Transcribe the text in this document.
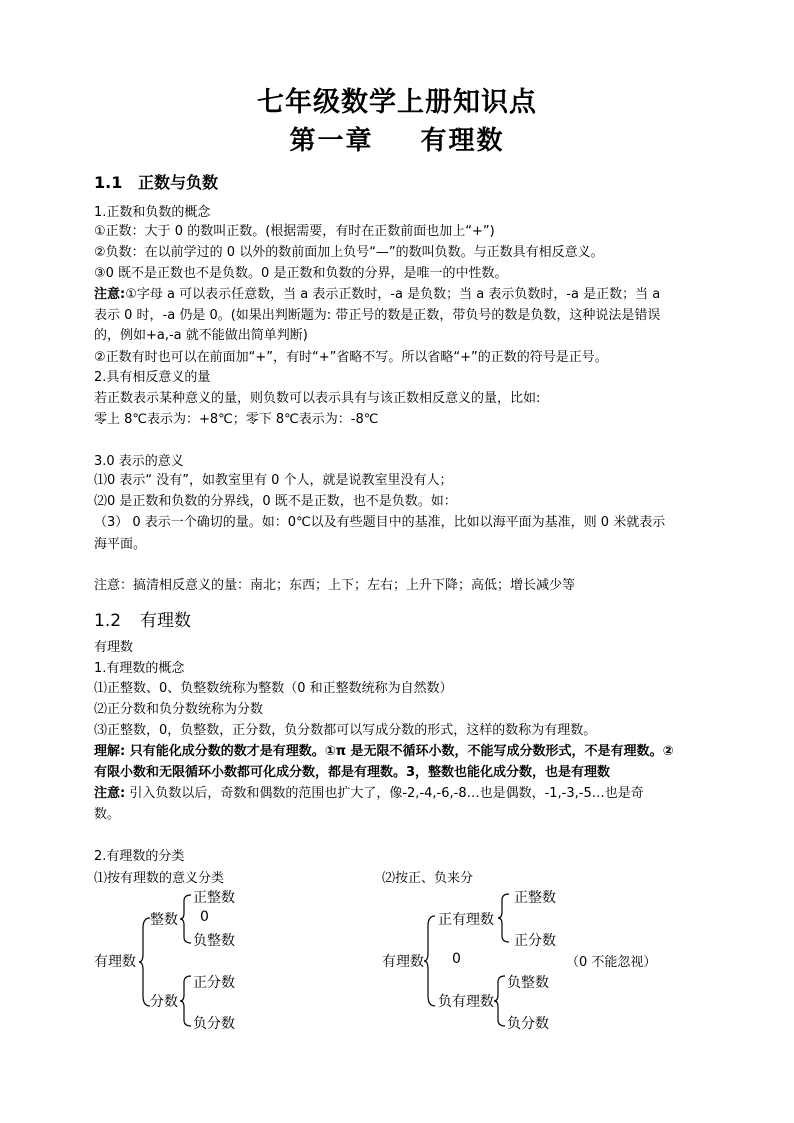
七年级数学上册知识点
第一章 有理数
1.1 正数与负数
1.正数和负数的概念
①正数：大于 0 的数叫正数。(根据需要，有时在正数前面也加上“+”)
②负数：在以前学过的 0 以外的数前面加上负号“—”的数叫负数。与正数具有相反意义。
③0 既不是正数也不是负数。0 是正数和负数的分界，是唯一的中性数。
注意:①字母 a 可以表示任意数，当 a 表示正数时，-a 是负数；当 a 表示负数时，-a 是正数；当 a
表示 0 时，-a 仍是 0。(如果出判断题为: 带正号的数是正数，带负号的数是负数，这种说法是错误
的，例如+a,-a 就不能做出简单判断)
②正数有时也可以在前面加“+”，有时“+”省略不写。所以省略“+”的正数的符号是正号。
2.具有相反意义的量
若正数表示某种意义的量，则负数可以表示具有与该正数相反意义的量，比如:
零上 8℃表示为：+8℃；零下 8℃表示为：-8℃
3.0 表示的意义
⑴0 表示“ 没有”，如教室里有 0 个人，就是说教室里没有人；
⑵0 是正数和负数的分界线，0 既不是正数，也不是负数。如：
（3） 0 表示一个确切的量。如：0℃以及有些题目中的基准，比如以海平面为基准，则 0 米就表示
海平面。
注意：搞清相反意义的量：南北；东西；上下；左右；上升下降；高低；增长减少等
1.2 有理数
有理数
1.有理数的概念
⑴正整数、0、负整数统称为整数（0 和正整数统称为自然数）
⑵正分数和负分数统称为分数
⑶正整数，0，负整数，正分数，负分数都可以写成分数的形式，这样的数称为有理数。
理解: 只有能化成分数的数才是有理数。①π 是无限不循环小数，不能写成分数形式，不是有理数。②
有限小数和无限循环小数都可化成分数，都是有理数。3，整数也能化成分数，也是有理数
注意: 引入负数以后，奇数和偶数的范围也扩大了，像-2,-4,-6,-8…也是偶数，-1,-3,-5…也是奇
数。
2.有理数的分类
⑴按有理数的意义分类
有理数
整数
正整数
0
负整数
分数
正分数
负分数
⑵按正、负来分
有理数
正有理数
正整数
正分数
0	（0 不能忽视）
负有理数
负整数
负分数
